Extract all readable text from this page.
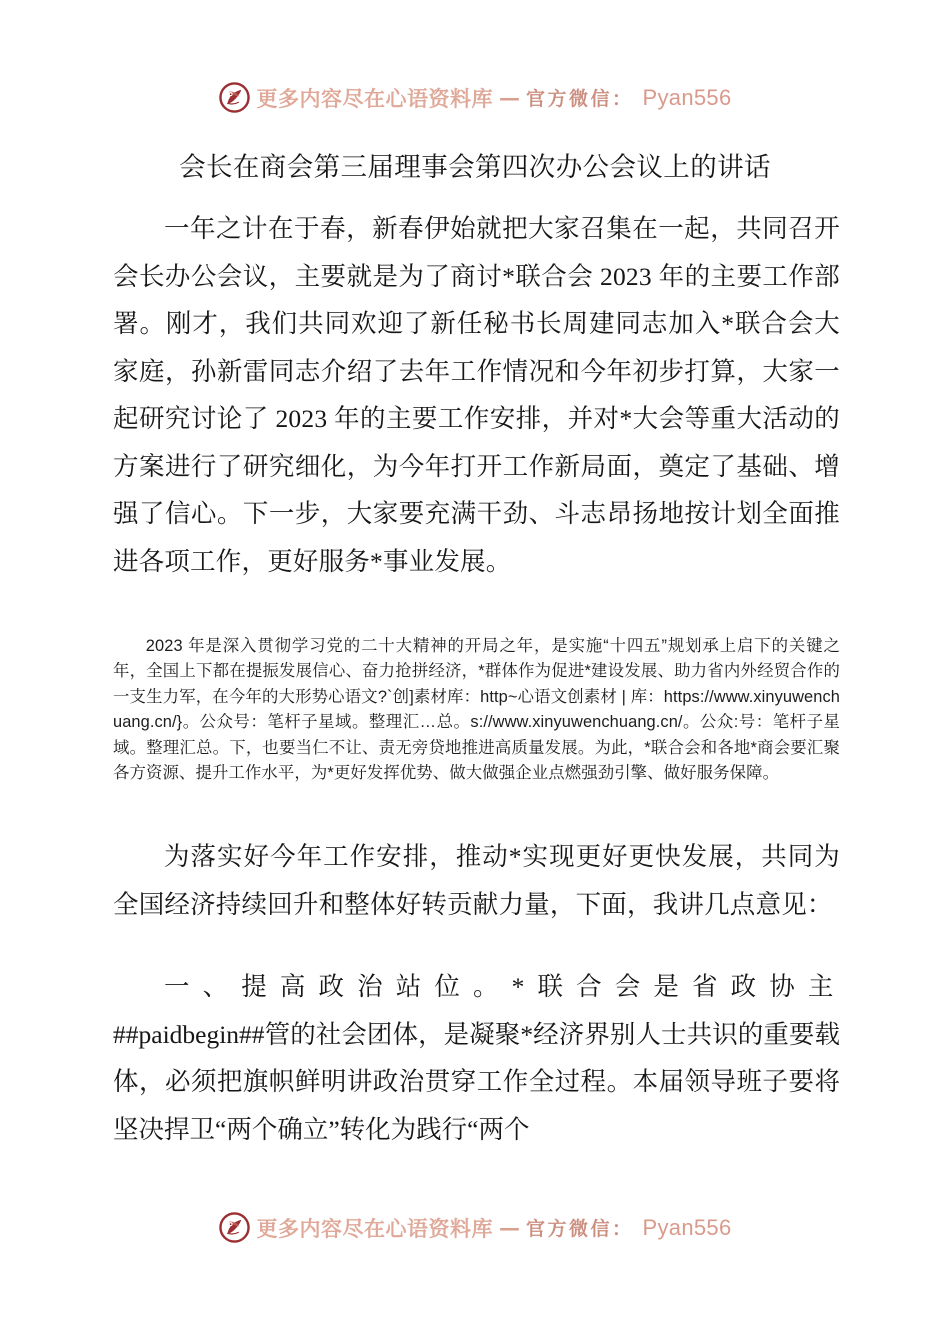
更多内容尽在心语资料库 — 官方微信： Pyan556
会长在商会第三届理事会第四次办公会议上的讲话

一年之计在于春，新春伊始就把大家召集在一起，共同召开会长办公会议，主要就是为了商讨*联合会 2023 年的主要工作部署。刚才，我们共同欢迎了新任秘书长周建同志加入*联合会大家庭，孙新雷同志介绍了去年工作情况和今年初步打算，大家一起研究讨论了 2023 年的主要工作安排，并对*大会等重大活动的方案进行了研究细化，为今年打开工作新局面，奠定了基础、增强了信心。下一步，大家要充满干劲、斗志昂扬地按计划全面推进各项工作，更好服务*事业发展。

2023 年是深入贯彻学习党的二十大精神的开局之年，是实施“十四五”规划承上启下的关键之年，全国上下都在提振发展信心、奋力抢拼经济，*群体作为促进*建设发展、助力省内外经贸合作的一支生力军，在今年的大形势心语文?`创]素材库：http~心语文创素材 | 库：https://www.xinyuwenchuang.cn/}。公众号：笔杆子星域。整理汇…总。s://www.xinyuwenchuang.cn/。公众:号：笔杆子星域。整理汇总。下，也要当仁不让、责无旁贷地推进高质量发展。为此，*联合会和各地*商会要汇聚各方资源、提升工作水平，为*更好发挥优势、做大做强企业点燃强劲引擎、做好服务保障。

为落实好今年工作安排，推动*实现更好更快发展，共同为全国经济持续回升和整体好转贡献力量，下面，我讲几点意见：

一、提高政治站位。*联合会是省政协主##paidbegin##管的社会团体，是凝聚*经济界别人士共识的重要载体，必须把旗帜鲜明讲政治贯穿工作全过程。本届领导班子要将坚决捍卫“两个确立”转化为践行“两个

更多内容尽在心语资料库 — 官方微信： Pyan556
